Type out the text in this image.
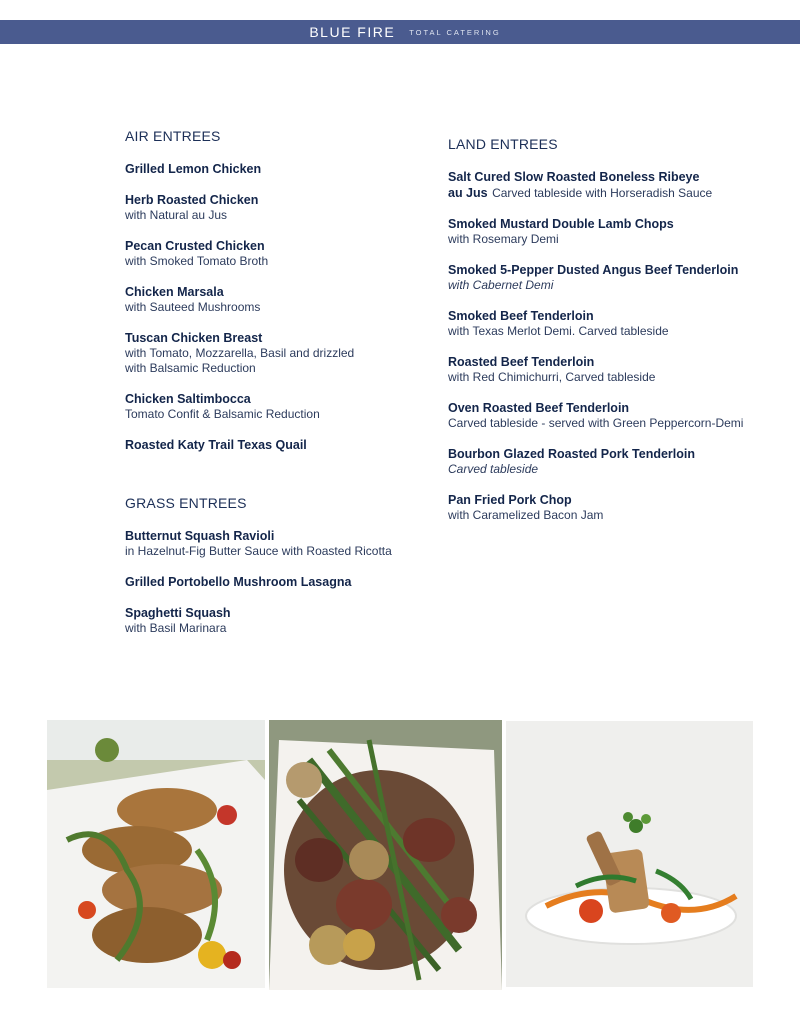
BLUE FIRE TOTAL CATERING
AIR ENTREES
Grilled Lemon Chicken
Herb Roasted Chicken
with Natural au Jus
Pecan Crusted Chicken
with Smoked Tomato Broth
Chicken Marsala
with Sauteed Mushrooms
Tuscan Chicken Breast
with Tomato, Mozzarella, Basil and drizzled
with Balsamic Reduction
Chicken Saltimbocca
Tomato Confit & Balsamic Reduction
Roasted Katy Trail Texas Quail
GRASS ENTREES
Butternut Squash Ravioli
in Hazelnut-Fig Butter Sauce with Roasted Ricotta
Grilled Portobello Mushroom Lasagna
Spaghetti Squash
with Basil Marinara
LAND ENTREES
Salt Cured Slow Roasted Boneless Ribeye
au Jus Carved tableside with Horseradish Sauce
Smoked Mustard Double Lamb Chops
with Rosemary Demi
Smoked 5-Pepper Dusted Angus Beef Tenderloin
with Cabernet Demi
Smoked Beef Tenderloin
with Texas Merlot Demi. Carved tableside
Roasted Beef Tenderloin
with Red Chimichurri, Carved tableside
Oven Roasted Beef Tenderloin
Carved tableside - served with Green Peppercorn-Demi
Bourbon Glazed Roasted Pork Tenderloin
Carved tableside
Pan Fried Pork Chop
with Caramelized Bacon Jam
